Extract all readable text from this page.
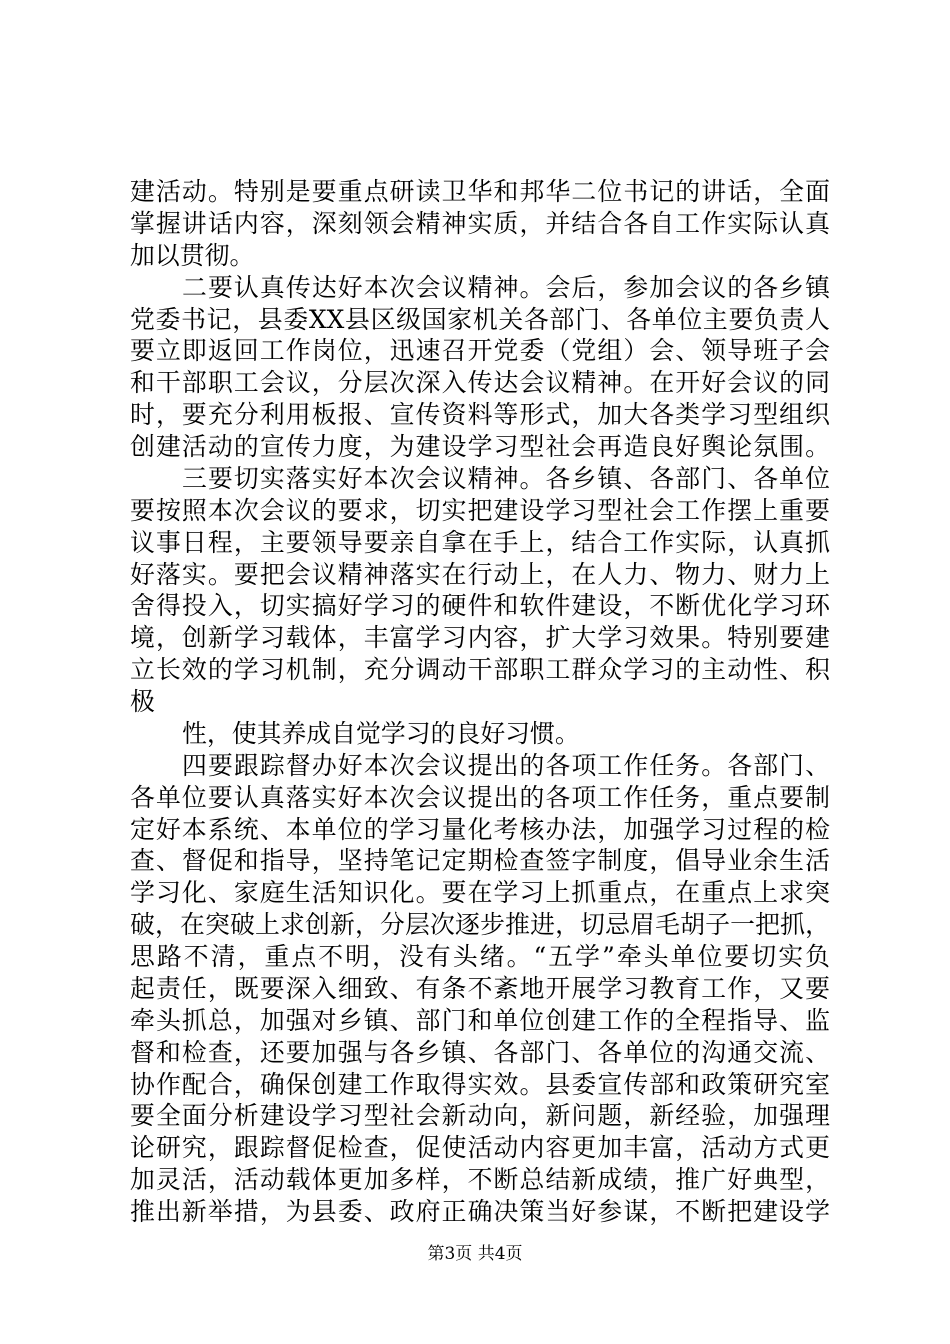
建活动。特别是要重点研读卫华和邦华二位书记的讲话，全面
掌握讲话内容，深刻领会精神实质，并结合各自工作实际认真
加以贯彻。
二要认真传达好本次会议精神。会后，参加会议的各乡镇
党委书记，县委XX县区级国家机关各部门、各单位主要负责人
要立即返回工作岗位，迅速召开党委（党组）会、领导班子会
和干部职工会议，分层次深入传达会议精神。在开好会议的同
时，要充分利用板报、宣传资料等形式，加大各类学习型组织
创建活动的宣传力度，为建设学习型社会再造良好舆论氛围。
三要切实落实好本次会议精神。各乡镇、各部门、各单位
要按照本次会议的要求，切实把建设学习型社会工作摆上重要
议事日程，主要领导要亲自拿在手上，结合工作实际，认真抓
好落实。要把会议精神落实在行动上，在人力、物力、财力上
舍得投入，切实搞好学习的硬件和软件建设，不断优化学习环
境，创新学习载体，丰富学习内容，扩大学习效果。特别要建
立长效的学习机制，充分调动干部职工群众学习的主动性、积
极
性，使其养成自觉学习的良好习惯。
四要跟踪督办好本次会议提出的各项工作任务。各部门、
各单位要认真落实好本次会议提出的各项工作任务，重点要制
定好本系统、本单位的学习量化考核办法，加强学习过程的检
查、督促和指导，坚持笔记定期检查签字制度，倡导业余生活
学习化、家庭生活知识化。要在学习上抓重点，在重点上求突
破，在突破上求创新，分层次逐步推进，切忌眉毛胡子一把抓，
思路不清，重点不明，没有头绪。“五学”牵头单位要切实负
起责任，既要深入细致、有条不紊地开展学习教育工作，又要
牵头抓总，加强对乡镇、部门和单位创建工作的全程指导、监
督和检查，还要加强与各乡镇、各部门、各单位的沟通交流、
协作配合，确保创建工作取得实效。县委宣传部和政策研究室
第3页 共4页
要全面分析建设学习型社会新动向，新问题，新经验，加强理
论研究，跟踪督促检查，促使活动内容更加丰富，活动方式更
加灵活，活动载体更加多样，不断总结新成绩，推广好典型，
推出新举措，为县委、政府正确决策当好参谋，不断把建设学
